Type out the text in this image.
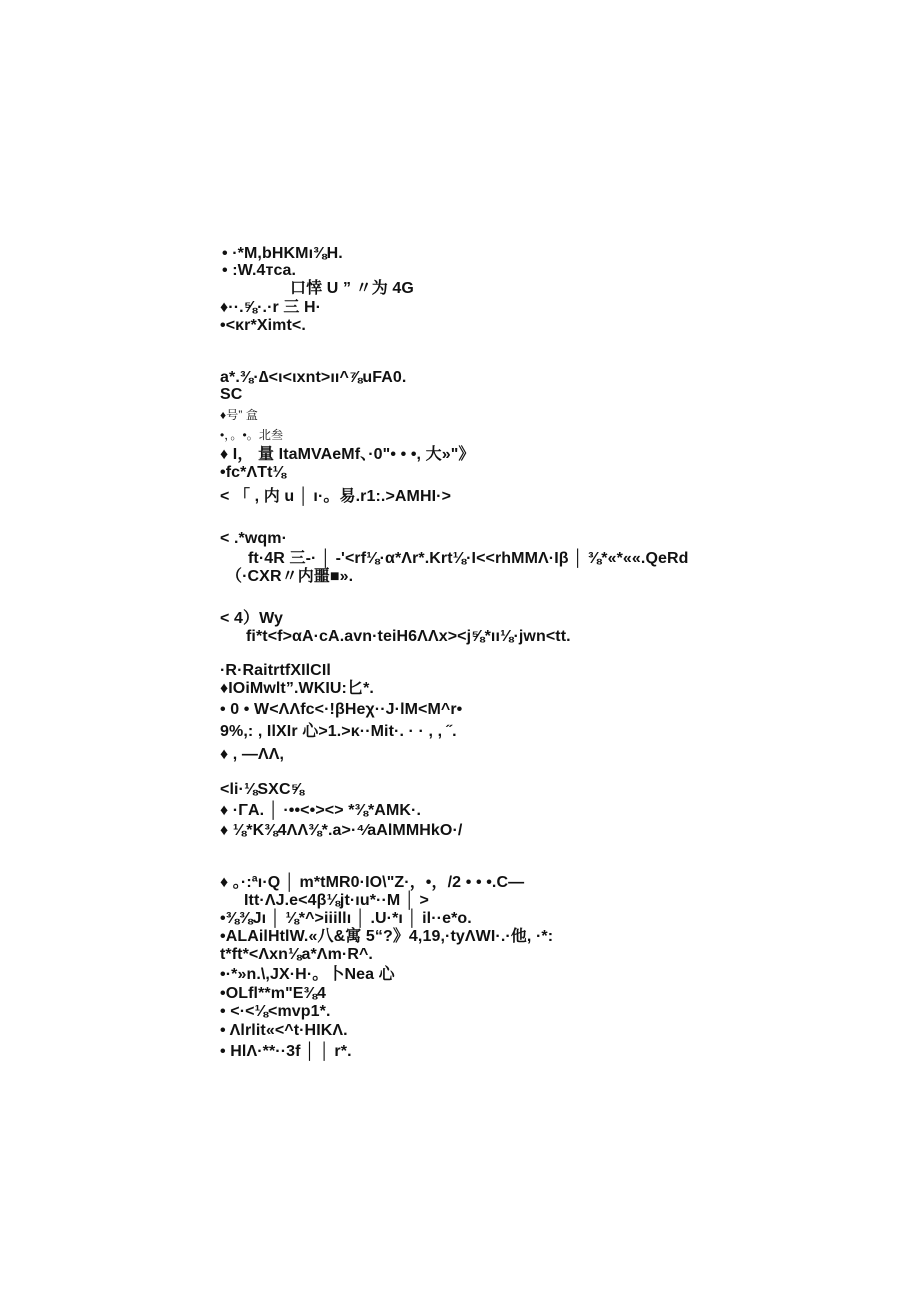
• ·*M,bHKMı⅜H.
• :W.4тca.
口悻 U ” 〃为 4G
♦··.⅝·.·r 三 H·
•<κr*Ximt<.
a*.⅜·∆<ι<ιxnt>ıı^⅞uFA0.
SC
♦号” 盒
•，。•。北叁
♦ I， 量 ItaMVAeMf、·0"• • •, 大»"》
•fc*ΛTt⅛
< 「 , 内 u │ ı·。易.r1:.>AMHI·>
< .*wqm·
ft·4R 三-· │ -'<rf⅛·α*Λr*.Krt⅛·I<<rhMMΛ·Iβ │ ⅜*«*««.QeRd
（·CXR〃内噩■».
< 4）Wy
fi*t<f>αA·cA.avn·teiH6ΛΛx><j⅝*ıı⅛·jwn<tt.
·R·RaitrtfXIlCIl
♦IOiMwlt”.WKIU:匕*.
• 0 • W<ΛΛfc<·!βHeχ··J·lM<M^r•
9%,: , IlXIr 心>1.>κ··Mit·. · · , , ˝.
♦ , —ΛΛ,
<li·⅛SXC⅝
♦ ·ΓA. │ ·••<•><> *⅜*AMK·.
♦ ⅛*K⅜4ΛΛ⅜*.a>·⁴⁄aAlMMHkO·/
♦ 。·:ªı·Q │ m*tMR0·IO\"Z·，•，/2 • • •.C—
Itt·ΛJ.e<4β⅛jt·ıu*··M │ >
•⅜⅜Jı │ ⅛*^>iiillı │ .U·*ı │ il··e*o.
•ALAilHtlW.«八&寓 5“?》4,19,·tyΛWI·.·他, ·*:
t*ft*<Λxn⅛a*Λm·R^.
•·*»n.\,JX·H·。卜Nea 心
•OLfl**m"E⅜4
• <·<⅛<mvp1*.
• Λlrlit«<^t·HIKΛ.
• HlΛ·**··3f │ │ r*.
